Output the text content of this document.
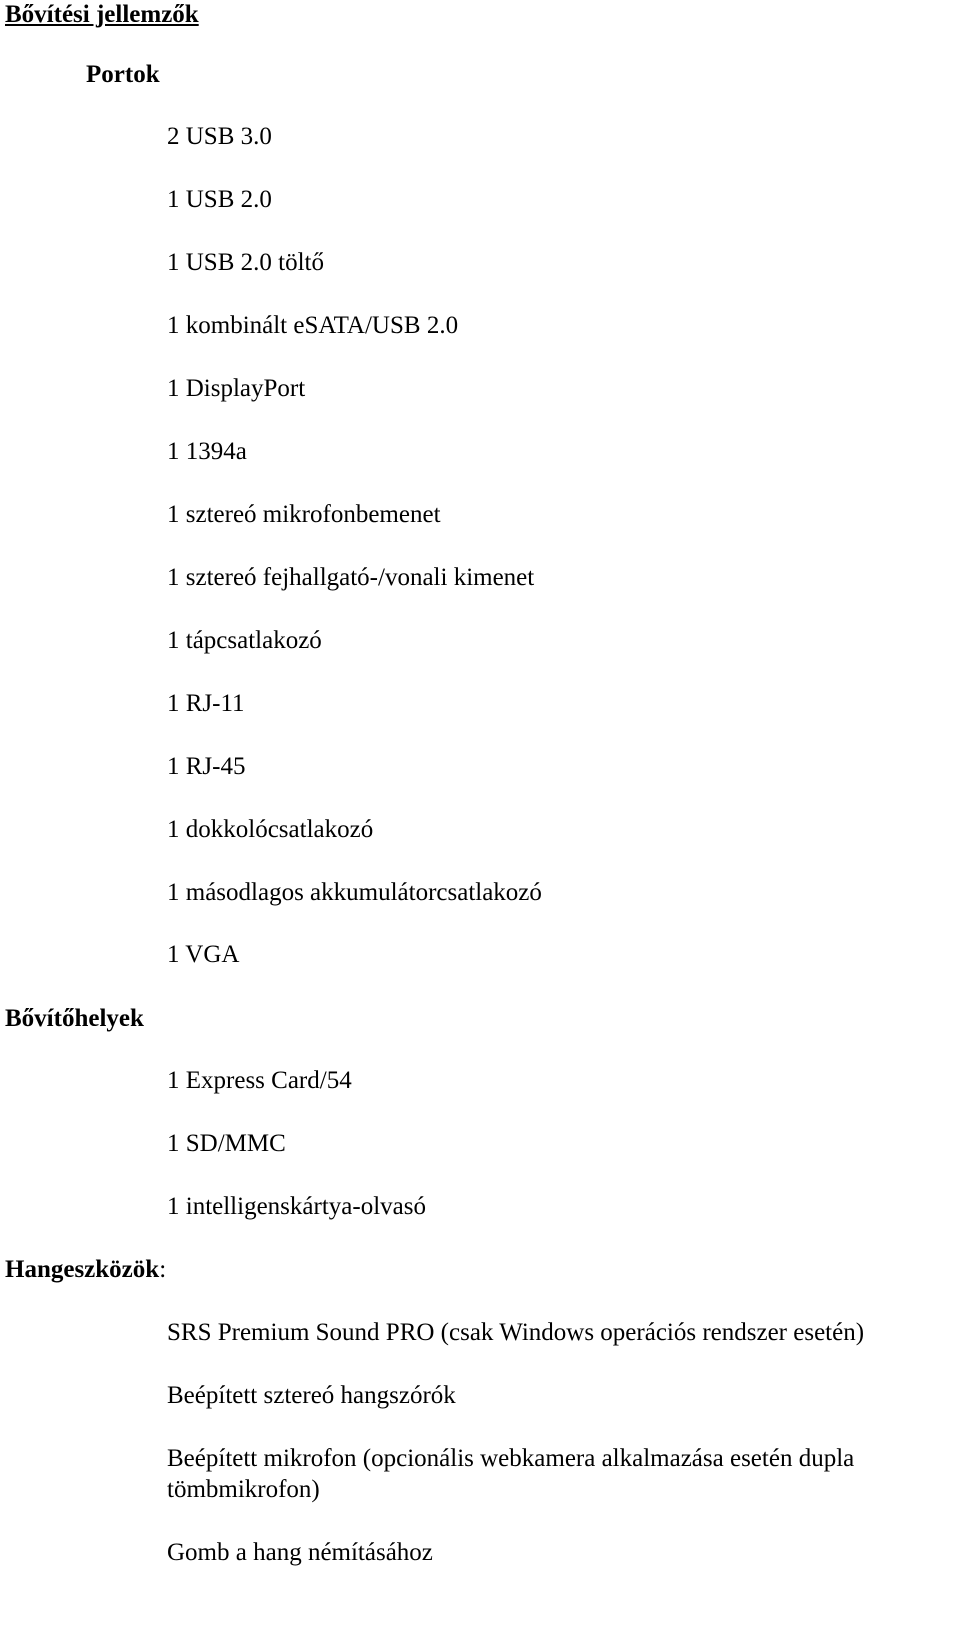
Bővítési jellemzők
Portok
2 USB 3.0
1 USB 2.0
1 USB 2.0 töltő
1 kombinált eSATA/USB 2.0
1 DisplayPort
1 1394a
1 sztereó mikrofonbemenet
1 sztereó fejhallgató-/vonali kimenet
1 tápcsatlakozó
1 RJ-11
1 RJ-45
1 dokkolócsatlakozó
1 másodlagos akkumulátorcsatlakozó
1 VGA
Bővítőhelyek
1 Express Card/54
1 SD/MMC
1 intelligenskártya-olvasó
Hangeszközök:
SRS Premium Sound PRO (csak Windows operációs rendszer esetén)
Beépített sztereó hangszórók
Beépített mikrofon (opcionális webkamera alkalmazása esetén dupla tömbmikrofon)
Gomb a hang némításához
